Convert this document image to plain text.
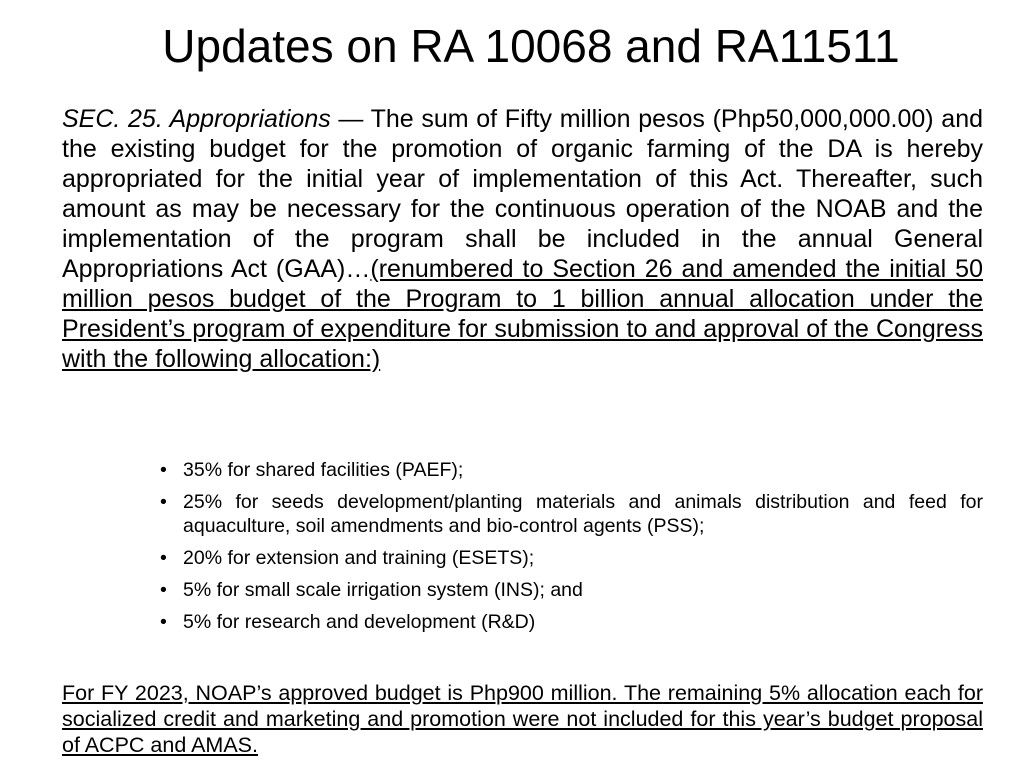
Updates on RA 10068 and RA11511

SEC. 25. Appropriations — The sum of Fifty million pesos (Php50,000,000.00) and the existing budget for the promotion of organic farming of the DA is hereby appropriated for the initial year of implementation of this Act. Thereafter, such amount as may be necessary for the continuous operation of the NOAB and the implementation of the program shall be included in the annual General Appropriations Act (GAA)…(renumbered to Section 26 and amended the initial 50 million pesos budget of the Program to 1 billion annual allocation under the President’s program of expenditure for submission to and approval of the Congress with the following allocation:)

• 35% for shared facilities (PAEF);
• 25% for seeds development/planting materials and animals distribution and feed for aquaculture, soil amendments and bio-control agents (PSS);
• 20% for extension and training (ESETS);
• 5% for small scale irrigation system (INS); and
• 5% for research and development (R&D)

For FY 2023, NOAP’s approved budget is Php900 million. The remaining 5% allocation each for socialized credit and marketing and promotion were not included for this year’s budget proposal of ACPC and AMAS.
